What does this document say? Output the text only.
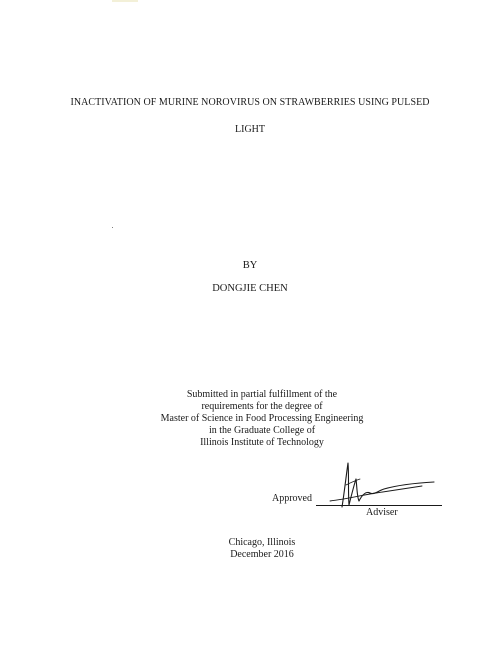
INACTIVATION OF MURINE NOROVIRUS ON STRAWBERRIES USING PULSED
LIGHT
BY
DONGJIE CHEN
Submitted in partial fulfillment of the
requirements for the degree of
Master of Science in Food Processing Engineering
in the Graduate College of
Illinois Institute of Technology
Approved
Adviser
Chicago, Illinois
December 2016
